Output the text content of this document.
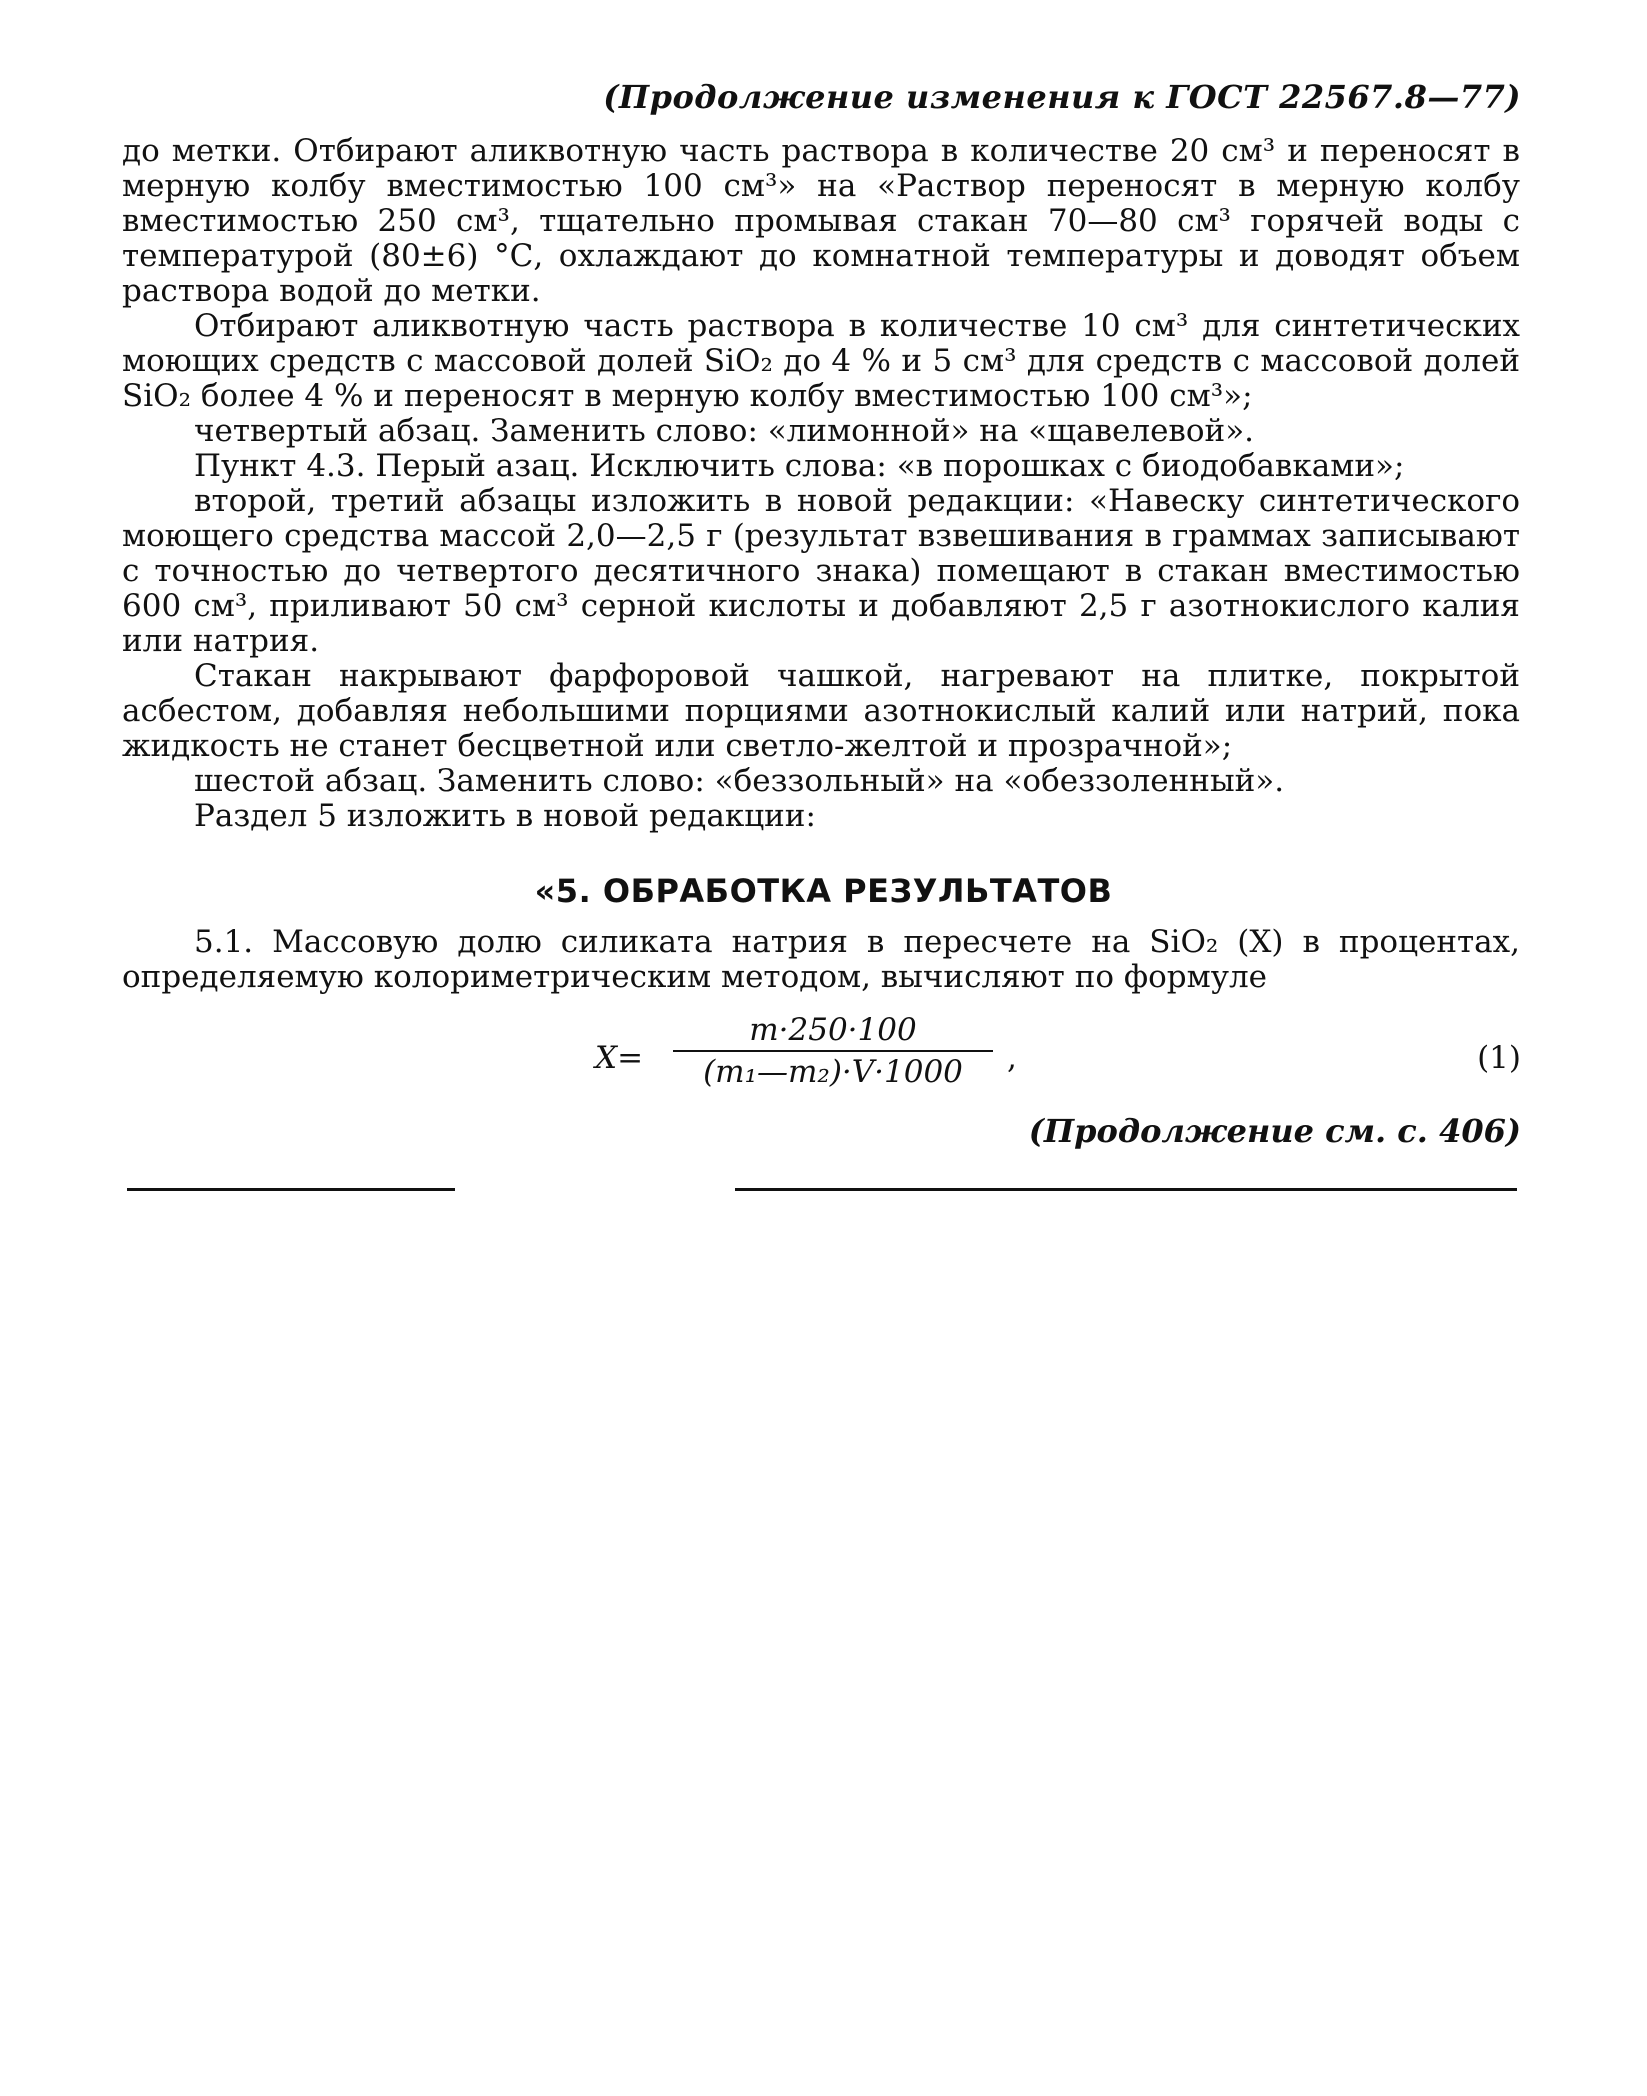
(Продолжение изменения к ГОСТ 22567.8—77)

до метки. Отбирают аликвотную часть раствора в количестве 20 см³ и переносят в мерную колбу вместимостью 100 см³» на «Раствор переносят в мерную колбу вместимостью 250 см³, тщательно промывая стакан 70—80 см³ горячей воды с температурой (80±6) °С, охлаждают до комнатной температуры и доводят объем раствора водой до метки.

Отбирают аликвотную часть раствора в количестве 10 см³ для синтетических моющих средств с массовой долей SiO₂ до 4 % и 5 см³ для средств с массовой долей SiO₂ более 4 % и переносят в мерную колбу вместимостью 100 см³»;

четвертый абзац. Заменить слово: «лимонной» на «щавелевой».

Пункт 4.3. Перый азац. Исключить слова: «в порошках с биодобавками»;

второй, третий абзацы изложить в новой редакции: «Навеску синтетического моющего средства массой 2,0—2,5 г (результат взвешивания в граммах записывают с точностью до четвертого десятичного знака) помещают в стакан вместимостью 600 см³, приливают 50 см³ серной кислоты и добавляют 2,5 г азотнокислого калия или натрия.

Стакан накрывают фарфоровой чашкой, нагревают на плитке, покрытой асбестом, добавляя небольшими порциями азотнокислый калий или натрий, пока жидкость не станет бесцветной или светло-желтой и прозрачной»;

шестой абзац. Заменить слово: «беззольный» на «обеззоленный».

Раздел 5 изложить в новой редакции:

«5. ОБРАБОТКА РЕЗУЛЬТАТОВ

5.1. Массовую долю силиката натрия в пересчете на SiO₂ (X) в процентах, определяемую колориметрическим методом, вычисляют по формуле

X=
m·250·100
(m₁—m₂)·V·1000	,	(1)
(Продолжение см. с. 406)
